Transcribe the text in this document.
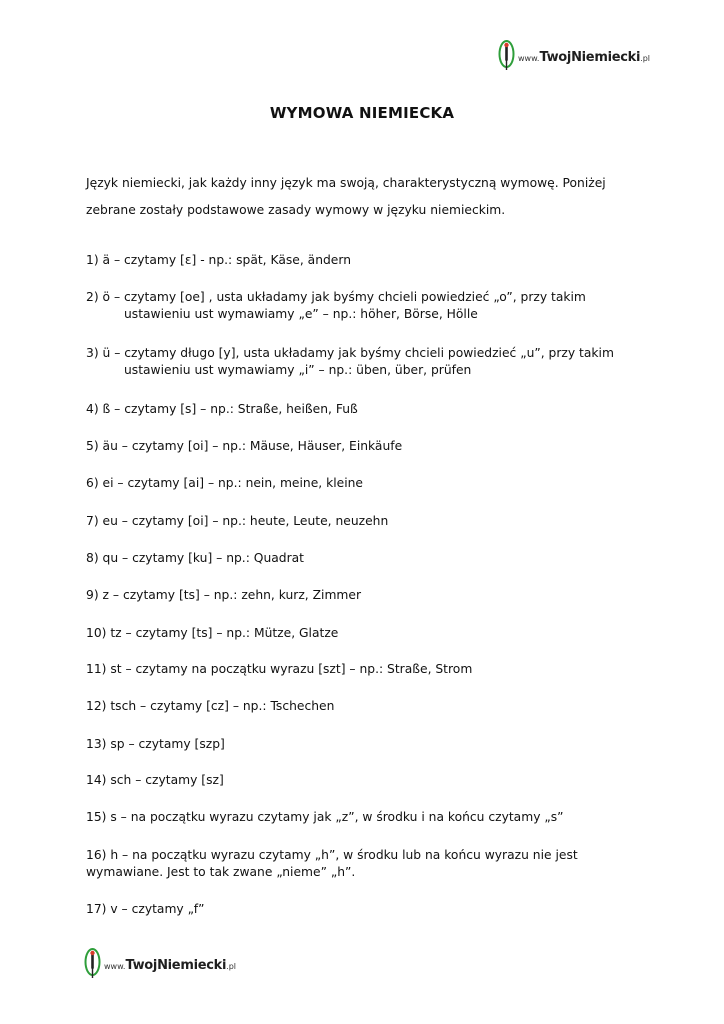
www.TwojNiemiecki.pl
WYMOWA NIEMIECKA

Język niemiecki, jak każdy inny język ma swoją, charakterystyczną wymowę. Poniżej zebrane zostały podstawowe zasady wymowy w języku niemieckim.

1) ä – czytamy [ɛ] - np.: spät, Käse, ändern
2) ö – czytamy [oe] , usta układamy jak byśmy chcieli powiedzieć „o”, przy takim
ustawieniu ust wymawiamy „e” – np.: höher, Börse, Hölle
3) ü – czytamy długo [y], usta układamy jak byśmy chcieli powiedzieć „u”, przy takim
ustawieniu ust wymawiamy „i” – np.: üben, über, prüfen
4) ß – czytamy [s] – np.: Straße, heißen, Fuß
5) äu – czytamy [oi] – np.: Mäuse, Häuser, Einkäufe
6) ei – czytamy [ai] – np.: nein, meine, kleine
7) eu – czytamy [oi] – np.: heute, Leute, neuzehn
8) qu – czytamy [ku] – np.: Quadrat
9) z – czytamy [ts] – np.: zehn, kurz, Zimmer
10) tz – czytamy [ts] – np.: Mütze, Glatze
11) st – czytamy na początku wyrazu [szt] – np.: Straße, Strom
12) tsch – czytamy [cz] – np.: Tschechen
13) sp – czytamy [szp]
14) sch – czytamy [sz]
15) s – na początku wyrazu czytamy jak „z”, w środku i na końcu czytamy „s”
16) h – na początku wyrazu czytamy „h”, w środku lub na końcu wyrazu nie jest
wymawiane. Jest to tak zwane „nieme” „h”.
17) v – czytamy „f”
www.TwojNiemiecki.pl
